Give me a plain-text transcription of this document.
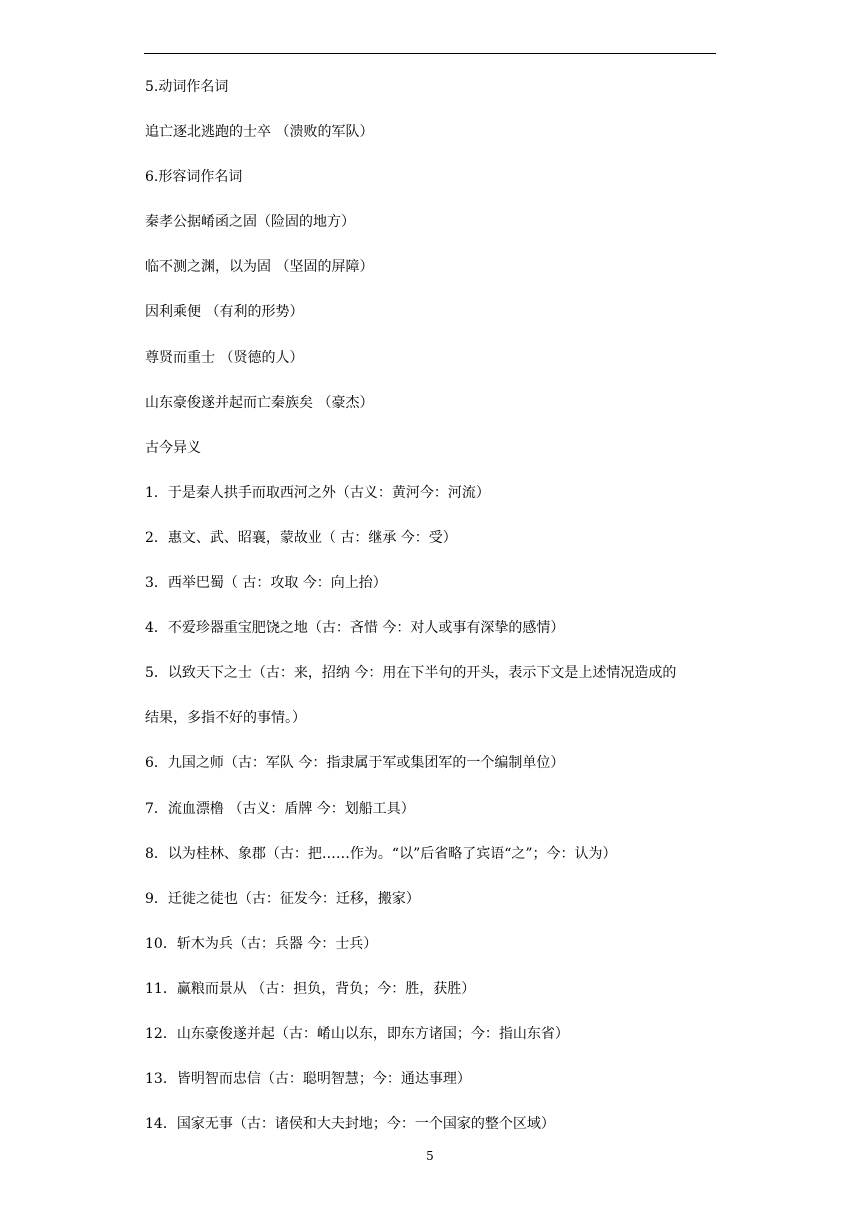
5.动词作名词
追亡逐北逃跑的士卒 （溃败的军队）
6.形容词作名词
秦孝公据崤函之固（险固的地方）
临不测之渊，以为固 （坚固的屏障）
因利乘便 （有利的形势）
尊贤而重士 （贤德的人）
山东豪俊遂并起而亡秦族矣 （豪杰）
古今异义
1．于是秦人拱手而取西河之外（古义：黄河今：河流）
2．惠文、武、昭襄，蒙故业（ 古：继承 今：受）
3．西举巴蜀（ 古：攻取 今：向上抬）
4．不爱珍器重宝肥饶之地（古：吝惜 今：对人或事有深挚的感情）
5．以致天下之士（古：来，招纳 今：用在下半句的开头，表示下文是上述情况造成的
结果，多指不好的事情。）
6．九国之师（古：军队 今：指隶属于军或集团军的一个编制单位）
7．流血漂橹 （古义：盾牌 今：划船工具）
8．以为桂林、象郡（古：把……作为。“以”后省略了宾语“之”；今：认为）
9．迁徙之徒也（古：征发今：迁移，搬家）
10．斩木为兵（古：兵器 今：士兵）
11．赢粮而景从 （古：担负，背负；今：胜，获胜）
12．山东豪俊遂并起（古：崤山以东，即东方诸国；今：指山东省）
13．皆明智而忠信（古：聪明智慧；今：通达事理）
14．国家无事（古：诸侯和大夫封地；今：一个国家的整个区域）
5
